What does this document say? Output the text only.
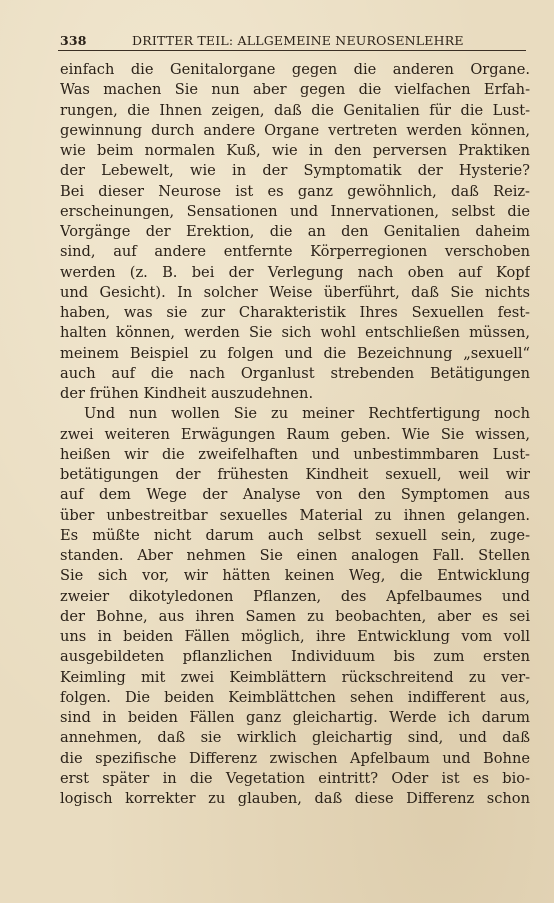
338	DRITTER TEIL: ALLGEMEINE NEUROSENLEHRE
einfach die Genitalorgane gegen die anderen Organe.
Was machen Sie nun aber gegen die vielfachen Erfah-
rungen, die Ihnen zeigen, daß die Genitalien für die Lust-
gewinnung durch andere Organe vertreten werden können,
wie beim normalen Kuß, wie in den perversen Praktiken
der Lebewelt, wie in der Symptomatik der Hysterie?
Bei dieser Neurose ist es ganz gewöhnlich, daß Reiz-
erscheinungen, Sensationen und Innervationen, selbst die
Vorgänge der Erektion, die an den Genitalien daheim
sind, auf andere entfernte Körperregionen verschoben
werden (z. B. bei der Verlegung nach oben auf Kopf
und Gesicht). In solcher Weise überführt, daß Sie nichts
haben, was sie zur Charakteristik Ihres Sexuellen fest-
halten können, werden Sie sich wohl entschließen müssen,
meinem Beispiel zu folgen und die Bezeichnung „sexuell“
auch auf die nach Organlust strebenden Betätigungen
der frühen Kindheit auszudehnen.
Und nun wollen Sie zu meiner Rechtfertigung noch
zwei weiteren Erwägungen Raum geben. Wie Sie wissen,
heißen wir die zweifelhaften und unbestimmbaren Lust-
betätigungen der frühesten Kindheit sexuell, weil wir
auf dem Wege der Analyse von den Symptomen aus
über unbestreitbar sexuelles Material zu ihnen gelangen.
Es müßte nicht darum auch selbst sexuell sein, zuge-
standen. Aber nehmen Sie einen analogen Fall. Stellen
Sie sich vor, wir hätten keinen Weg, die Entwicklung
zweier dikotyledonen Pflanzen, des Apfelbaumes und
der Bohne, aus ihren Samen zu beobachten, aber es sei
uns in beiden Fällen möglich, ihre Entwicklung vom voll
ausgebildeten pflanzlichen Individuum bis zum ersten
Keimling mit zwei Keimblättern rückschreitend zu ver-
folgen. Die beiden Keimblättchen sehen indifferent aus,
sind in beiden Fällen ganz gleichartig. Werde ich darum
annehmen, daß sie wirklich gleichartig sind, und daß
die spezifische Differenz zwischen Apfelbaum und Bohne
erst später in die Vegetation eintritt? Oder ist es bio-
logisch korrekter zu glauben, daß diese Differenz schon
